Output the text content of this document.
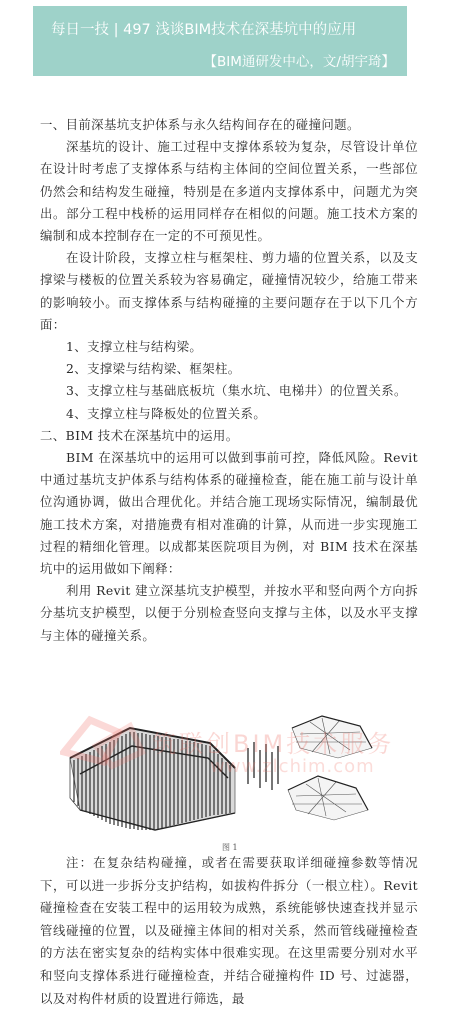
每日一技 | 497 浅谈BIM技术在深基坑中的应用
【BIM通研发中心，文/胡宇琦】

一、目前深基坑支护体系与永久结构间存在的碰撞问题。

深基坑的设计、施工过程中支撑体系较为复杂，尽管设计单位在设计时考虑了支撑体系与结构主体间的空间位置关系，一些部位仍然会和结构发生碰撞，特别是在多道内支撑体系中，问题尤为突出。部分工程中栈桥的运用同样存在相似的问题。施工技术方案的编制和成本控制存在一定的不可预见性。

在设计阶段，支撑立柱与框架柱、剪力墙的位置关系，以及支撑梁与楼板的位置关系较为容易确定，碰撞情况较少，给施工带来的影响较小。而支撑体系与结构碰撞的主要问题存在于以下几个方面：

1、支撑立柱与结构梁。

2、支撑梁与结构梁、框架柱。

3、支撑立柱与基础底板坑（集水坑、电梯井）的位置关系。

4、支撑立柱与降板处的位置关系。

二、BIM 技术在深基坑中的运用。

BIM 在深基坑中的运用可以做到事前可控，降低风险。Revit 中通过基坑支护体系与结构体系的碰撞检查，能在施工前与设计单位沟通协调，做出合理优化。并结合施工现场实际情况，编制最优施工技术方案，对措施费有相对准确的计算，从而进一步实现施工过程的精细化管理。以成都某医院项目为例，对 BIM 技术在深基坑中的运用做如下阐释：

利用 Revit 建立深基坑支护模型，并按水平和竖向两个方向拆分基坑支护模型，以便于分别检查竖向支撑与主体，以及水平支撑与主体的碰撞关系。

筑联创BIM技术服务
www.zlchim.com
图 1

注：在复杂结构碰撞，或者在需要获取详细碰撞参数等情况下，可以进一步拆分支护结构，如拔构件拆分（一根立柱）。Revit 碰撞检查在安装工程中的运用较为成熟，系统能够快速查找并显示管线碰撞的位置，以及碰撞主体间的相对关系，然而管线碰撞检查的方法在密实复杂的结构实体中很难实现。在这里需要分别对水平和竖向支撑体系进行碰撞检查，并结合碰撞构件 ID 号、过滤器，以及对构件材质的设置进行筛选，最
